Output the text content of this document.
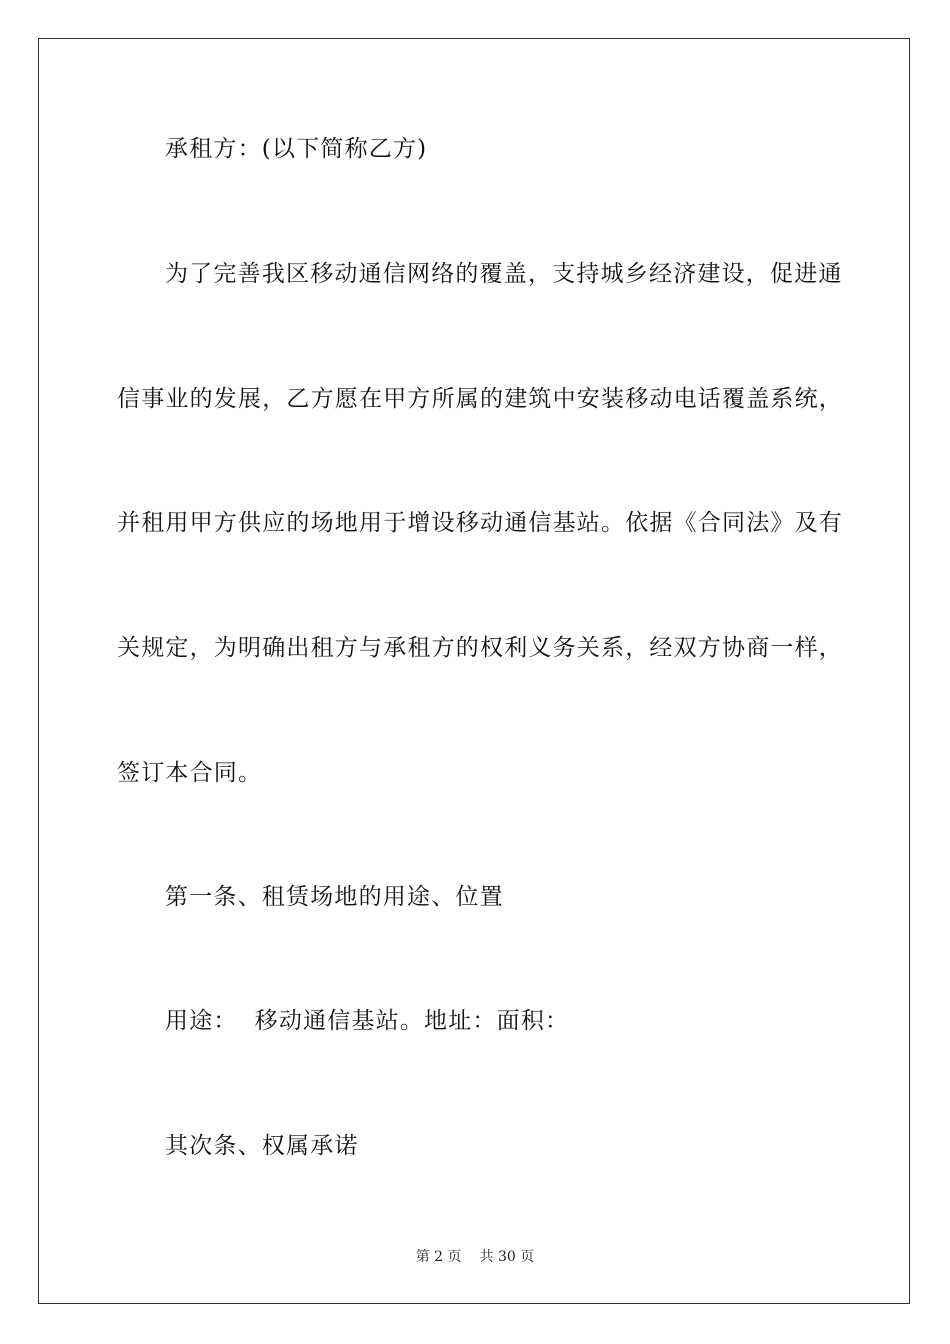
承租方：(以下简称乙方)
为了完善我区移动通信网络的覆盖，支持城乡经济建设，促进通
信事业的发展，乙方愿在甲方所属的建筑中安装移动电话覆盖系统，
并租用甲方供应的场地用于增设移动通信基站。依据《合同法》及有
关规定，为明确出租方与承租方的权利义务关系，经双方协商一样，
签订本合同。
第一条、租赁场地的用途、位置
用途：  移动通信基站。地址：面积：
其次条、权属承诺
第 2 页 共 30 页
